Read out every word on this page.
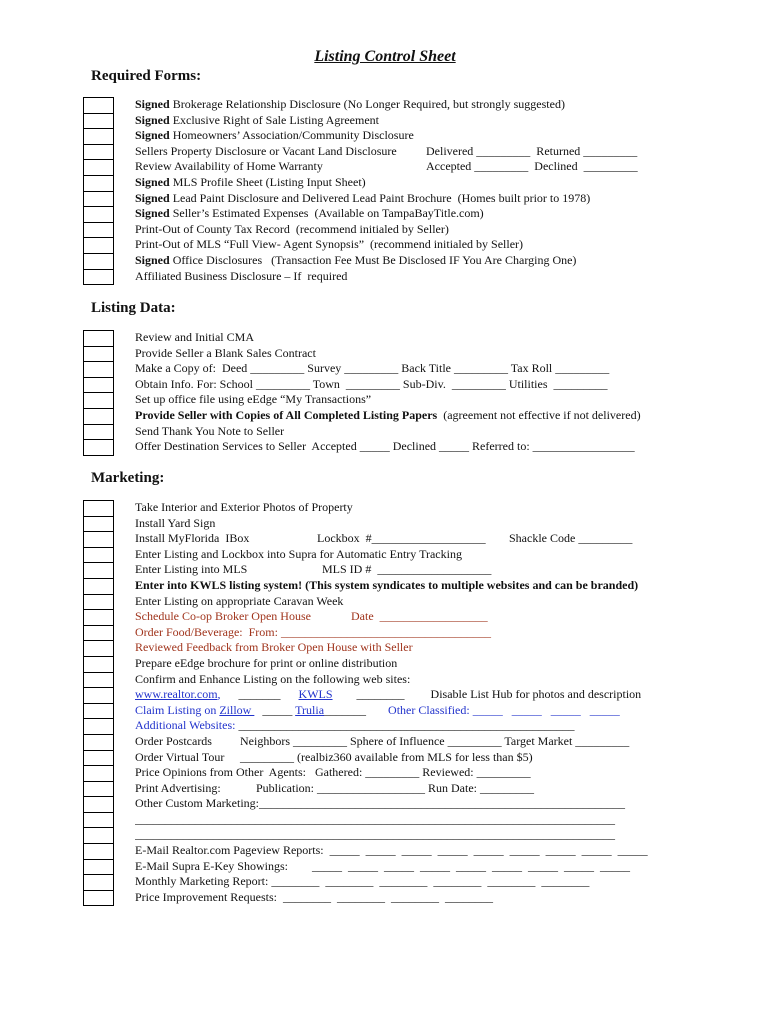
Listing Control Sheet
Required Forms:
Signed Brokerage Relationship Disclosure (No Longer Required, but strongly suggested)
Signed Exclusive Right of Sale Listing Agreement
Signed Homeowners’ Association/Community Disclosure
Sellers Property Disclosure or Vacant Land Disclosure Delivered _________  Returned _________
Review Availability of Home Warranty	Accepted _________  Declined  _________
Signed MLS Profile Sheet (Listing Input Sheet)
Signed Lead Paint Disclosure and Delivered Lead Paint Brochure  (Homes built prior to 1978)
Signed Seller’s Estimated Expenses  (Available on TampaBayTitle.com)
Print-Out of County Tax Record  (recommend initialed by Seller)
Print-Out of MLS “Full View- Agent Synopsis”  (recommend initialed by Seller)
Signed Office Disclosures   (Transaction Fee Must Be Disclosed IF You Are Charging One)
Affiliated Business Disclosure – If  required
Listing Data:
Review and Initial CMA
Provide Seller a Blank Sales Contract
Make a Copy of:  Deed _________ Survey _________ Back Title _________ Tax Roll _________
Obtain Info. For: School _________ Town  _________ Sub-Div.  _________ Utilities  _________
Set up office file using eEdge “My Transactions”
Provide Seller with Copies of All Completed Listing Papers  (agreement not effective if not delivered)
Send Thank You Note to Seller
Offer Destination Services to Seller  Accepted _____ Declined _____ Referred to: _________________
Marketing:
Take Interior and Exterior Photos of Property
Install Yard Sign
Install MyFlorida  IBox	Lockbox  #___________________ Shackle Code _________
Enter Listing and Lockbox into Supra for Automatic Entry Tracking
Enter Listing into MLS	MLS ID #  ___________________
Enter into KWLS listing system! (This system syndicates to multiple websites and can be branded)
Enter Listing on appropriate Caravan Week
Schedule Co-op Broker Open House	Date  __________________
Order Food/Beverage:  From: ___________________________________
Reviewed Feedback from Broker Open House with Seller
Prepare eEdge brochure for print or online distribution
Confirm and Enhance Listing on the following web sites:
www.realtor.com, _______ KWLS ________ Disable List Hub for photos and description
Claim Listing on Zillow _____ Trulia_______ Other Classified: _____   _____   _____   _____
Additional Websites: ________________________________________________________
Order Postcards Neighbors _________ Sphere of Influence _________ Target Market _________
Order Virtual Tour _________ (realbiz360 available from MLS for less than $5)
Price Opinions from Other  Agents:   Gathered: _________ Reviewed: _________
Print Advertising:	Publication: __________________ Run Date: _________
Other Custom Marketing:_____________________________________________________________
________________________________________________________________________________
________________________________________________________________________________
E-Mail Realtor.com Pageview Reports:  _____  _____  _____  _____  _____  _____  _____  _____  _____
E-Mail Supra E-Key Showings:        _____  _____  _____  _____  _____  _____  _____  _____  _____
Monthly Marketing Report: ________  ________  ________  ________  ________  ________
Price Improvement Requests:  ________  ________  ________  ________
